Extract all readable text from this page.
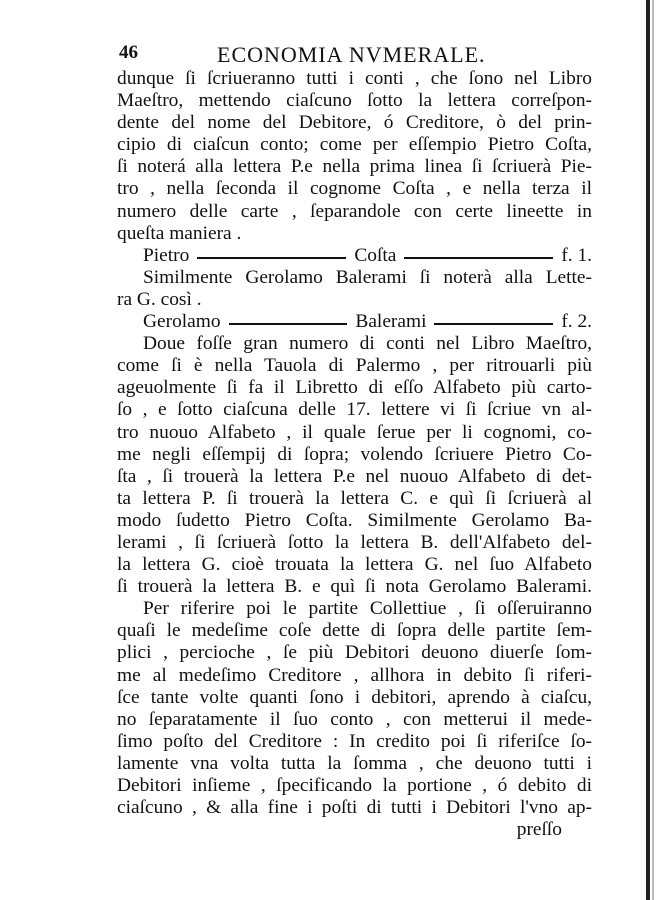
46	ECONOMIA NVMERALE.
dunque ſi ſcriueranno tutti i conti , che ſono nel Libro
Maeſtro, mettendo ciaſcuno ſotto la lettera correſpon-
dente del nome del Debitore, ó Creditore, ò del prin-
cipio di ciaſcun conto; come per eſſempio Pietro Coſta,
ſi noterá alla lettera P.e nella prima linea ſi ſcriuerà Pie-
tro , nella ſeconda il cognome Coſta , e nella terza il
numero delle carte , ſeparandole con certe lineette in
queſta maniera .
Pietro	Coſta	f. 1.
Similmente Gerolamo Balerami ſi noterà alla Lette-
ra G. così .
Gerolamo	Balerami	f. 2.
Doue foſſe gran numero di conti nel Libro Maeſtro,
come ſi è nella Tauola di Palermo , per ritrouarli più
ageuolmente ſi fa il Libretto di eſſo Alfabeto più carto-
ſo , e ſotto ciaſcuna delle 17. lettere vi ſi ſcriue vn al-
tro nuouo Alfabeto , il quale ſerue per li cognomi, co-
me negli eſſempij di ſopra; volendo ſcriuere Pietro Co-
ſta , ſi trouerà la lettera P.e nel nuouo Alfabeto di det-
ta lettera P. ſi trouerà la lettera C. e quì ſi ſcriuerà al
modo ſudetto Pietro Coſta. Similmente Gerolamo Ba-
lerami , ſi ſcriuerà ſotto la lettera B. dell'Alfabeto del-
la lettera G. cioè trouata la lettera G. nel ſuo Alfabeto
ſi trouerà la lettera B. e quì ſi nota Gerolamo Balerami.
Per riferire poi le partite Collettiue , ſi oſſeruiranno
quaſi le medeſime coſe dette di ſopra delle partite ſem-
plici , percioche , ſe più Debitori deuono diuerſe ſom-
me al medeſimo Creditore , allhora in debito ſi riferi-
ſce tante volte quanti ſono i debitori, aprendo à ciaſcu,
no ſeparatamente il ſuo conto , con metterui il mede-
ſimo poſto del Creditore : In credito poi ſi riferiſce ſo-
lamente vna volta tutta la ſomma , che deuono tutti i
Debitori inſieme , ſpecificando la portione , ó debito di
ciaſcuno , & alla fine i poſti di tutti i Debitori l'vno ap-
preſſo
